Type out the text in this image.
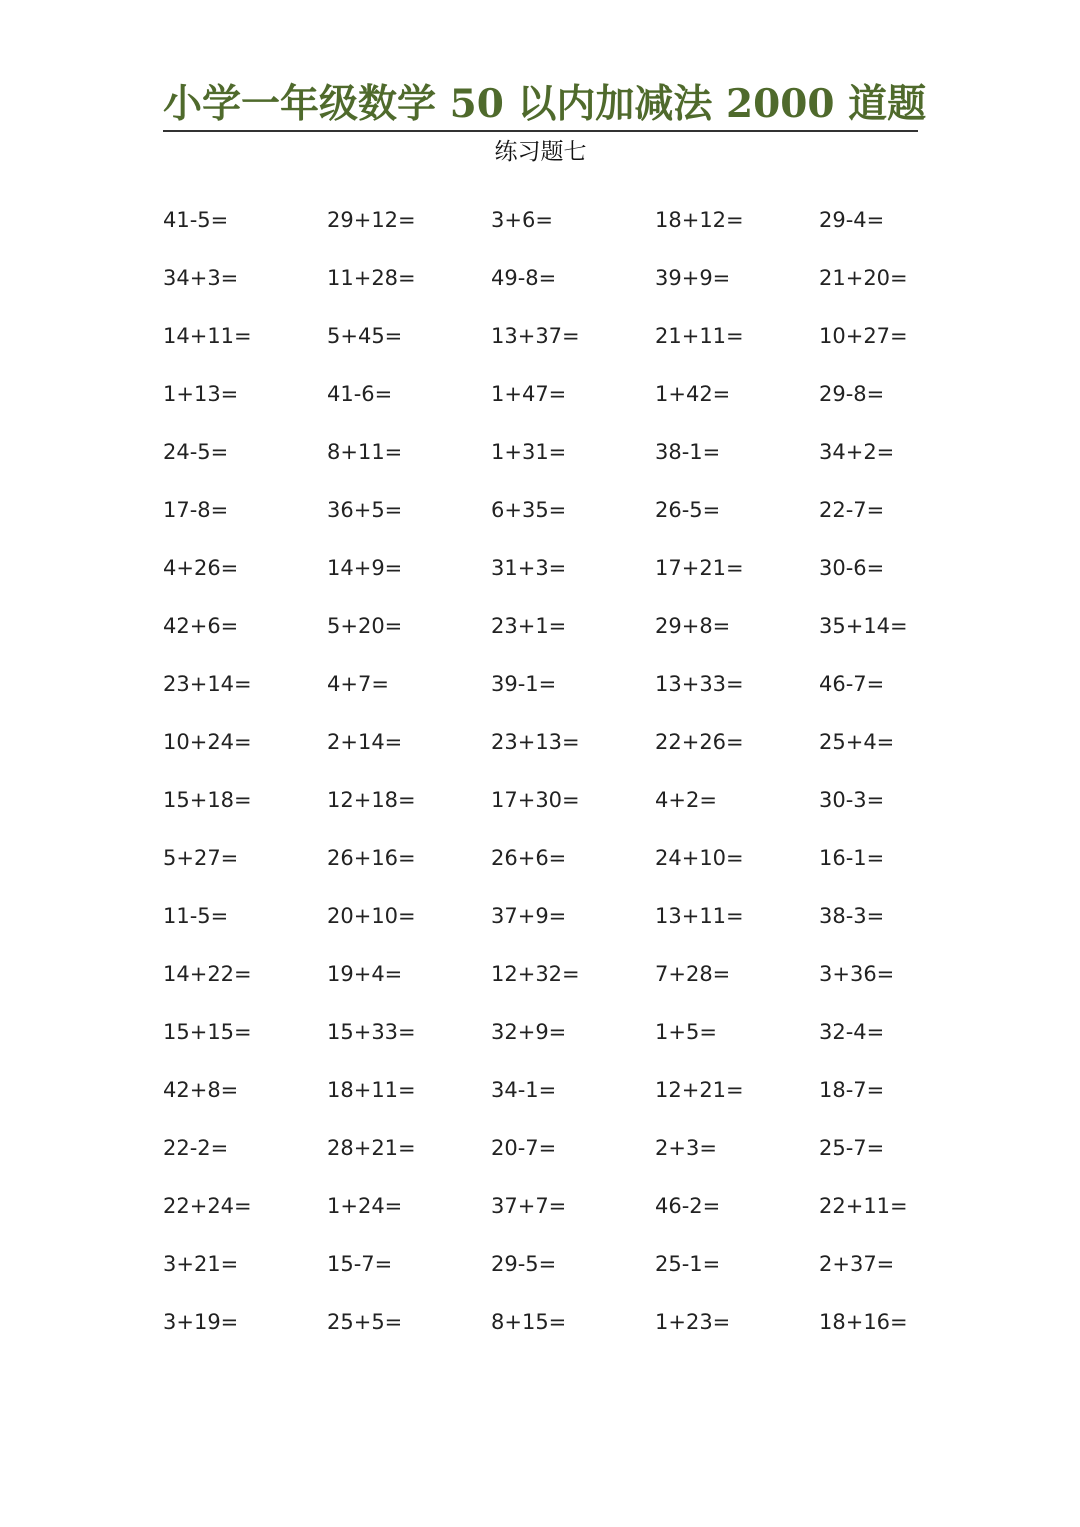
小学一年级数学 50 以内加减法 2000 道题
练习题七
41-5=	29+12=	3+6=	18+12=	29-4=
34+3=	11+28=	49-8=	39+9=	21+20=
14+11=	5+45=	13+37=	21+11=	10+27=
1+13=	41-6=	1+47=	1+42=	29-8=
24-5=	8+11=	1+31=	38-1=	34+2=
17-8=	36+5=	6+35=	26-5=	22-7=
4+26=	14+9=	31+3=	17+21=	30-6=
42+6=	5+20=	23+1=	29+8=	35+14=
23+14=	4+7=	39-1=	13+33=	46-7=
10+24=	2+14=	23+13=	22+26=	25+4=
15+18=	12+18=	17+30=	4+2=	30-3=
5+27=	26+16=	26+6=	24+10=	16-1=
11-5=	20+10=	37+9=	13+11=	38-3=
14+22=	19+4=	12+32=	7+28=	3+36=
15+15=	15+33=	32+9=	1+5=	32-4=
42+8=	18+11=	34-1=	12+21=	18-7=
22-2=	28+21=	20-7=	2+3=	25-7=
22+24=	1+24=	37+7=	46-2=	22+11=
3+21=	15-7=	29-5=	25-1=	2+37=
3+19=	25+5=	8+15=	1+23=	18+16=
